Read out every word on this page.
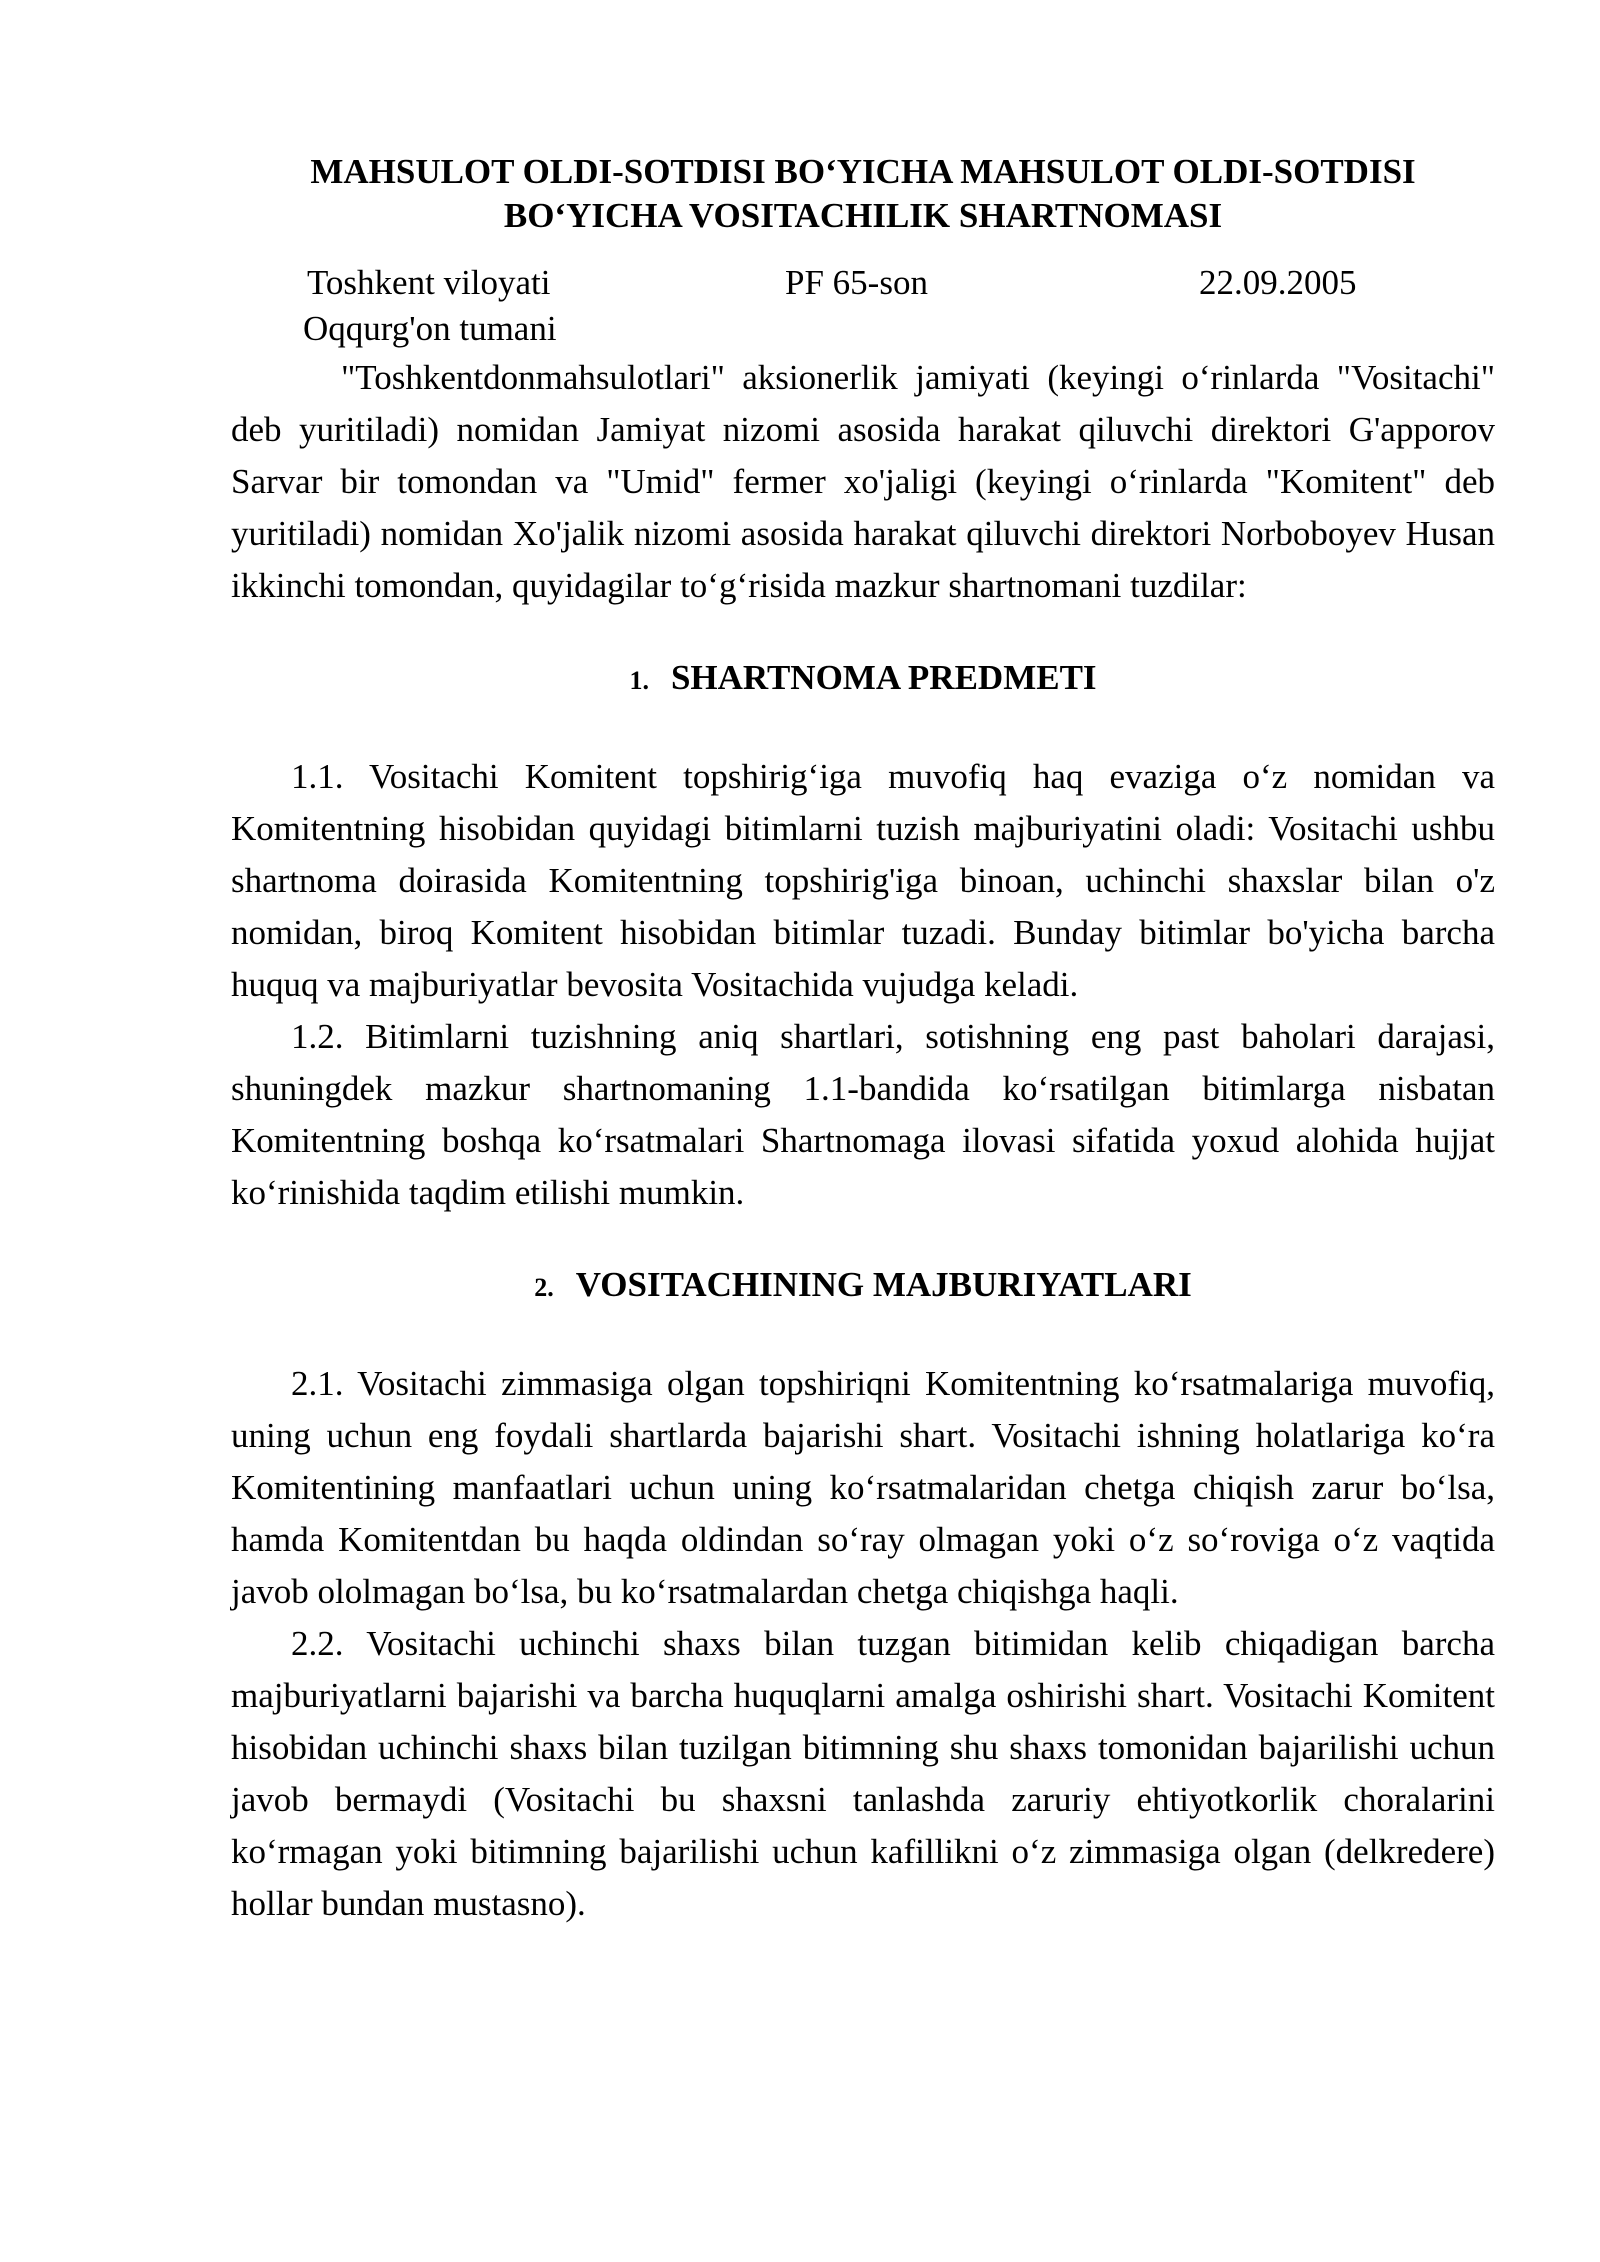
MAHSULOT OLDI-SOTDISI BO‘YICHA MAHSULOT OLDI-SOTDISI
BO‘YICHA VOSITACHILIK SHARTNOMASI
Toshkent viloyati	PF 65-son	22.09.2005
Oqqurg'on tumani

"Toshkentdonmahsulotlari" aksionerlik jamiyati (keyingi o‘rinlarda "Vositachi" deb yuritiladi) nomidan Jamiyat nizomi asosida harakat qiluvchi direktori G'apporov Sarvar bir tomondan va "Umid" fermer xo'jaligi (keyingi o‘rinlarda "Komitent" deb yuritiladi) nomidan Xo'jalik nizomi asosida harakat qiluvchi direktori Norboboyev Husan ikkinchi tomondan, quyidagilar to‘g‘risida mazkur shartnomani tuzdilar:

1. SHARTNOMA PREDMETI

1.1. Vositachi Komitent topshirig‘iga muvofiq haq evaziga o‘z nomidan va Komitentning hisobidan quyidagi bitimlarni tuzish majburiyatini oladi: Vositachi ushbu shartnoma doirasida Komitentning topshirig'iga binoan, uchinchi shaxslar bilan o'z nomidan, biroq Komitent hisobidan bitimlar tuzadi. Bunday bitimlar bo'yicha barcha huquq va majburiyatlar bevosita Vositachida vujudga keladi.

1.2. Bitimlarni tuzishning aniq shartlari, sotishning eng past baholari darajasi, shuningdek mazkur shartnomaning 1.1-bandida ko‘rsatilgan bitimlarga nisbatan Komitentning boshqa ko‘rsatmalari Shartnomaga ilovasi sifatida yoxud alohida hujjat ko‘rinishida taqdim etilishi mumkin.

2. VOSITACHINING MAJBURIYATLARI

2.1. Vositachi zimmasiga olgan topshiriqni Komitentning ko‘rsatmalariga muvofiq, uning uchun eng foydali shartlarda bajarishi shart. Vositachi ishning holatlariga ko‘ra Komitentining manfaatlari uchun uning ko‘rsatmalaridan chetga chiqish zarur bo‘lsa, hamda Komitentdan bu haqda oldindan so‘ray olmagan yoki o‘z so‘roviga o‘z vaqtida javob ololmagan bo‘lsa, bu ko‘rsatmalardan chetga chiqishga haqli.

2.2. Vositachi uchinchi shaxs bilan tuzgan bitimidan kelib chiqadigan barcha majburiyatlarni bajarishi va barcha huquqlarni amalga oshirishi shart. Vositachi Komitent hisobidan uchinchi shaxs bilan tuzilgan bitimning shu shaxs tomonidan bajarilishi uchun javob bermaydi (Vositachi bu shaxsni tanlashda zaruriy ehtiyotkorlik choralarini ko‘rmagan yoki bitimning bajarilishi uchun kafillikni o‘z zimmasiga olgan (delkredere) hollar bundan mustasno).
